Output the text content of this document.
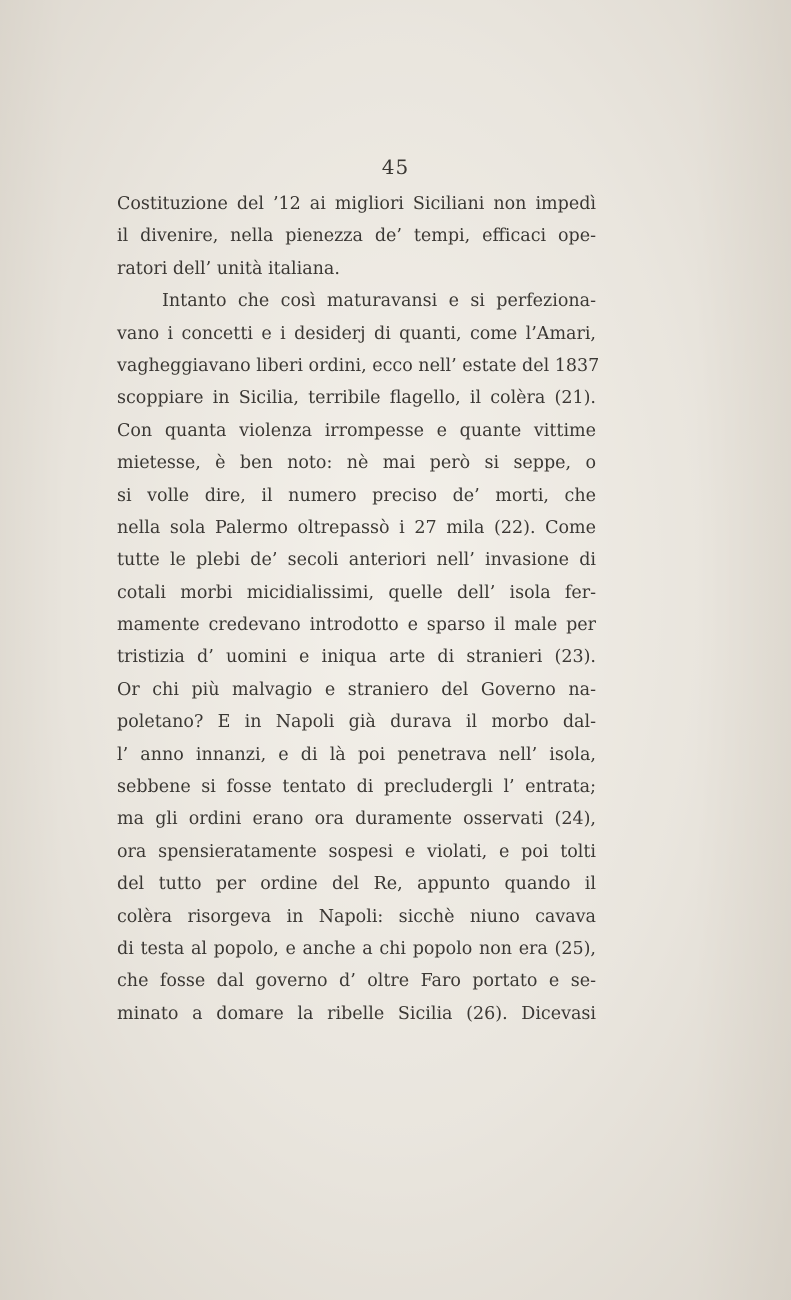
45
Costituzione del ’12 ai migliori Siciliani non impedì
il divenire, nella pienezza de’ tempi, efficaci ope-
ratori dell’ unità italiana.
Intanto che così maturavansi e si perfeziona-
vano i concetti e i desiderj di quanti, come l’Amari,
vagheggiavano liberi ordini, ecco nell’ estate del 1837
scoppiare in Sicilia, terribile flagello, il colèra (21).
Con quanta violenza irrompesse e quante vittime
mietesse, è ben noto: nè mai però si seppe, o
si volle dire, il numero preciso de’ morti, che
nella sola Palermo oltrepassò i 27 mila (22). Come
tutte le plebi de’ secoli anteriori nell’ invasione di
cotali morbi micidialissimi, quelle dell’ isola fer-
mamente credevano introdotto e sparso il male per
tristizia d’ uomini e iniqua arte di stranieri (23).
Or chi più malvagio e straniero del Governo na-
poletano? E in Napoli già durava il morbo dal-
l’ anno innanzi, e di là poi penetrava nell’ isola,
sebbene si fosse tentato di precludergli l’ entrata;
ma gli ordini erano ora duramente osservati (24),
ora spensieratamente sospesi e violati, e poi tolti
del tutto per ordine del Re, appunto quando il
colèra risorgeva in Napoli: sicchè niuno cavava
di testa al popolo, e anche a chi popolo non era (25),
che fosse dal governo d’ oltre Faro portato e se-
minato a domare la ribelle Sicilia (26). Dicevasi
